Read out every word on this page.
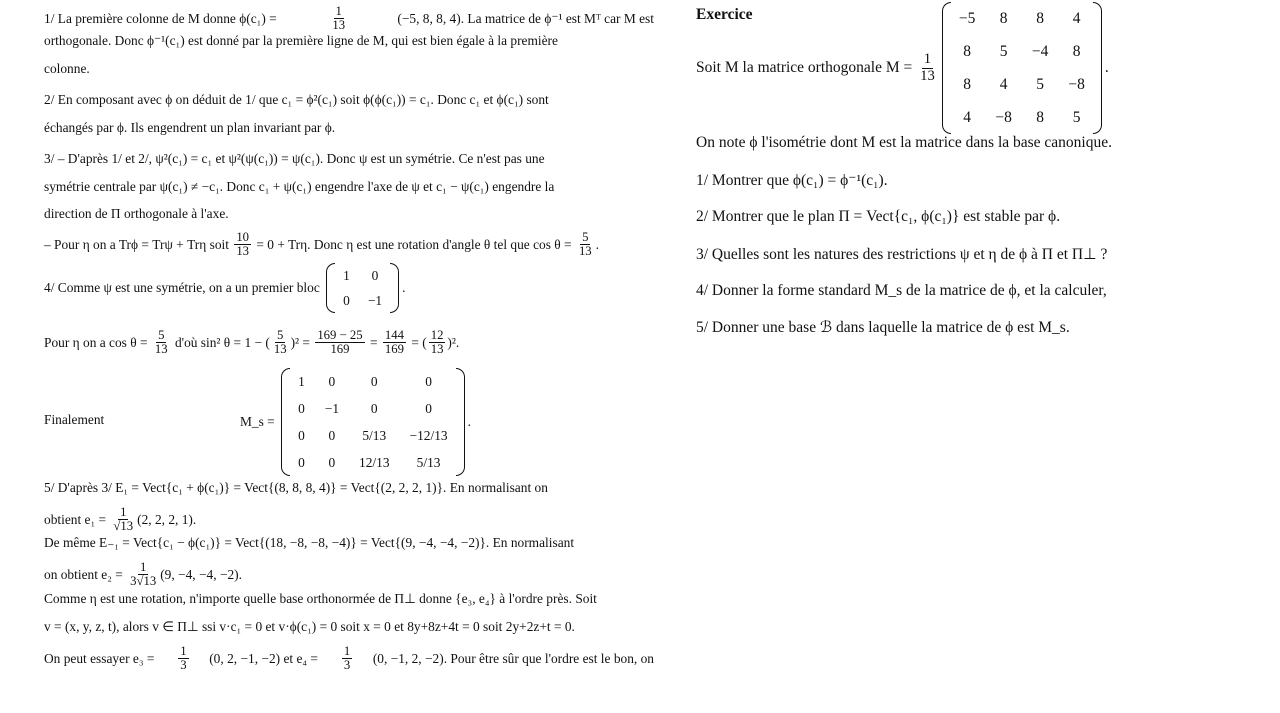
1/ La première colonne de M donne ϕ(c₁) =	$\frac{1}{13}$	(−5, 8, 8, 4). La matrice de ϕ⁻¹ est Mᵀ car M est
orthogonale. Donc ϕ⁻¹(c₁) est donné par la première ligne de M, qui est bien égale à la première
colonne.
2/ En composant avec ϕ on déduit de 1/ que c₁ = ϕ²(c₁) soit ϕ(ϕ(c₁)) = c₁. Donc c₁ et ϕ(c₁) sont
échangés par ϕ. Ils engendrent un plan invariant par ϕ.
3/ – D'après 1/ et 2/, ψ²(c₁) = c₁ et ψ²(ψ(c₁)) = ψ(c₁). Donc ψ est un symétrie. Ce n'est pas une
symétrie centrale par ψ(c₁) ≠ −c₁. Donc c₁ + ψ(c₁) engendre l'axe de ψ et c₁ − ψ(c₁) engendre la
direction de Π orthogonale à l'axe.
– Pour η on a Trϕ = Trψ + Trη soit $\frac{10}{13} = 0 + Tr\eta$. Donc η est une rotation d'angle θ tel que $\cos \theta = \frac{5}{13}$ .
4/ Comme ψ est une symétrie, on a un premier bloc
1 0
0 −1
.
Pour η on a $\cos \theta = \frac{5}{13}$ d'où sin² θ = 1 − ( $\frac{5}{13} )^2 = \frac{169 - 25}{169} = \frac{144}{169}$ = ( $\frac{12}{13} )^2$.
Finalement	M_s =
1 0	0	0
0 −1	0	0
0 0 5/13 −12/13
0 0 12/13	5/13
.
5/ D'après 3/ E₁ = Vect{c₁ + ϕ(c₁)} = Vect{(8, 8, 8, 4)} = Vect{(2, 2, 2, 1)}. En normalisant on
obtient $e_1 = \frac{1}{√13} (2$, 2, 2, 1).
De même E₋₁ = Vect{c₁ − ϕ(c₁)} = Vect{(18, −8, −8, −4)} = Vect{(9, −4, −4, −2)}. En normalisant
on obtient $e_2 = \frac{1}{3√13} (9$, −4, −4, −2).
Comme η est une rotation, n'importe quelle base orthonormée de Π⊥ donne {e₃, e₄} à l'ordre près. Soit
v = (x, y, z, t), alors v ∈ Π⊥ ssi v·c₁ = 0 et v·ϕ(c₁) = 0 soit x = 0 et 8y+8z+4t = 0 soit 2y+2z+t = 0.
On peut essayer $e_3 = \frac{1}{3} (0$, 2, −1, −2) et $e_4 = \frac{1}{3} (0$, −1, 2, −2). Pour être sûr que l'ordre est le bon, on
Exercice
Soit M la matrice orthogonale $M = \frac{1}{13}$
−5 8 8 4
8 5 −4 8
8 4 5 −8
4 −8 8 5
.
On note ϕ l'isométrie dont M est la matrice dans la base canonique.
1/ Montrer que ϕ(c₁) = ϕ⁻¹(c₁).
2/ Montrer que le plan Π = Vect{c₁, ϕ(c₁)} est stable par ϕ.
3/ Quelles sont les natures des restrictions ψ et η de ϕ à Π et Π⊥ ?
4/ Donner la forme standard M_s de la matrice de ϕ, et la calculer,
5/ Donner une base ℬ dans laquelle la matrice de ϕ est M_s.
